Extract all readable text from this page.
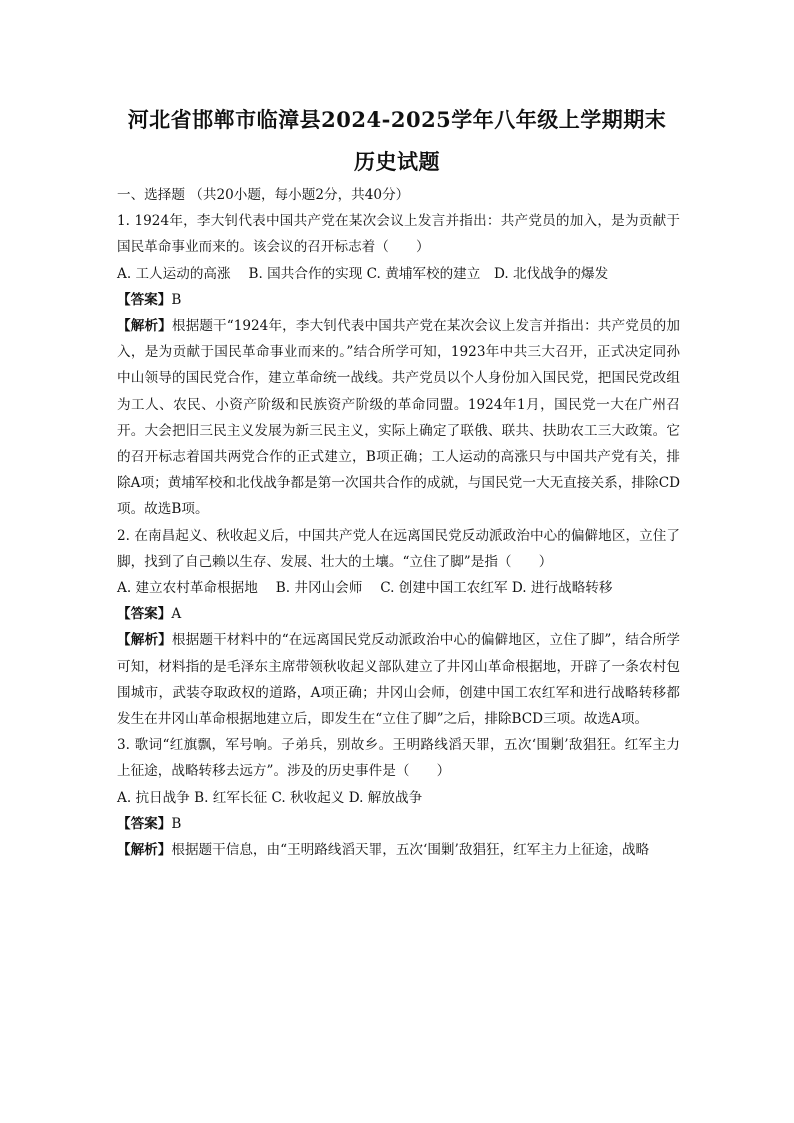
河北省邯郸市临漳县2024-2025学年八年级上学期期末
历史试题

一、选择题 （共20小题，每小题2分，共40分）

1. 1924年，李大钊代表中国共产党在某次会议上发言并指出：共产党员的加入，是为贡献于国民革命事业而来的。该会议的召开标志着（　　）

A. 工人运动的高涨　 B. 国共合作的实现 C. 黄埔军校的建立　D. 北伐战争的爆发

【答案】B

【解析】根据题干“1924年，李大钊代表中国共产党在某次会议上发言并指出：共产党员的加入，是为贡献于国民革命事业而来的。”结合所学可知，1923年中共三大召开，正式决定同孙中山领导的国民党合作，建立革命统一战线。共产党员以个人身份加入国民党，把国民党改组为工人、农民、小资产阶级和民族资产阶级的革命同盟。1924年1月，国民党一大在广州召开。大会把旧三民主义发展为新三民主义，实际上确定了联俄、联共、扶助农工三大政策。它的召开标志着国共两党合作的正式建立，B项正确；工人运动的高涨只与中国共产党有关，排除A项；黄埔军校和北伐战争都是第一次国共合作的成就，与国民党一大无直接关系，排除CD项。故选B项。

2. 在南昌起义、秋收起义后，中国共产党人在远离国民党反动派政治中心的偏僻地区，立住了脚，找到了自己赖以生存、发展、壮大的土壤。“立住了脚”是指（　　）

A. 建立农村革命根据地　 B. 井冈山会师　 C. 创建中国工农红军 D. 进行战略转移

【答案】A

【解析】根据题干材料中的“在远离国民党反动派政治中心的偏僻地区，立住了脚”，结合所学可知，材料指的是毛泽东主席带领秋收起义部队建立了井冈山革命根据地，开辟了一条农村包围城市，武装夺取政权的道路，A项正确；井冈山会师，创建中国工农红军和进行战略转移都发生在井冈山革命根据地建立后，即发生在“立住了脚”之后，排除BCD三项。故选A项。

3. 歌词“红旗飘，军号响。子弟兵，别故乡。王明路线滔天罪，五次‘围剿’敌猖狂。红军主力上征途，战略转移去远方”。涉及的历史事件是（　　）

A. 抗日战争 B. 红军长征 C. 秋收起义 D. 解放战争

【答案】B

【解析】根据题干信息，由“王明路线滔天罪，五次‘围剿’敌猖狂，红军主力上征途，战略
